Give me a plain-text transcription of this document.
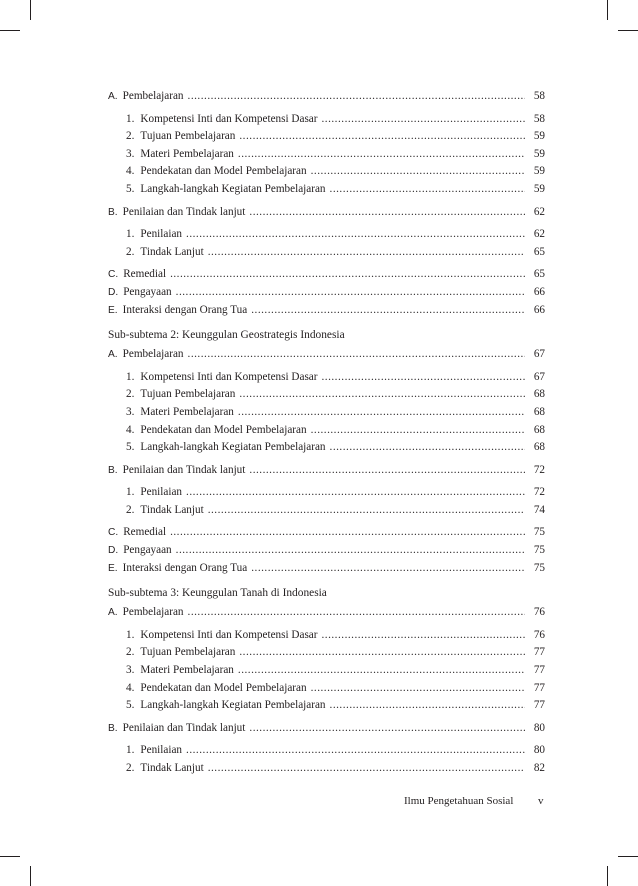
A. Pembelajaran .....	58
1. Kompetensi Inti dan Kompetensi Dasar .....	58
2. Tujuan Pembelajaran .....	59
3. Materi Pembelajaran .....	59
4. Pendekatan dan Model Pembelajaran .....	59
5. Langkah-langkah Kegiatan Pembelajaran .....	59
B. Penilaian dan Tindak lanjut .....	62
1. Penilaian .....	62
2. Tindak Lanjut .....	65
C. Remedial .....	65
D. Pengayaan .....	66
E. Interaksi dengan Orang Tua .....	66
Sub-subtema 2: Keunggulan Geostrategis Indonesia
A. Pembelajaran .....	67
1. Kompetensi Inti dan Kompetensi Dasar .....	67
2. Tujuan Pembelajaran .....	68
3. Materi Pembelajaran .....	68
4. Pendekatan dan Model Pembelajaran .....	68
5. Langkah-langkah Kegiatan Pembelajaran .....	68
B. Penilaian dan Tindak lanjut .....	72
1. Penilaian .....	72
2. Tindak Lanjut .....	74
C. Remedial .....	75
D. Pengayaan .....	75
E. Interaksi dengan Orang Tua .....	75
Sub-subtema 3: Keunggulan Tanah di Indonesia
A. Pembelajaran .....	76
1. Kompetensi Inti dan Kompetensi Dasar .....	76
2. Tujuan Pembelajaran .....	77
3. Materi Pembelajaran .....	77
4. Pendekatan dan Model Pembelajaran .....	77
5. Langkah-langkah Kegiatan Pembelajaran .....	77
B. Penilaian dan Tindak lanjut .....	80
1. Penilaian .....	80
2. Tindak Lanjut .....	82
Ilmu Pengetahuan Sosial v
